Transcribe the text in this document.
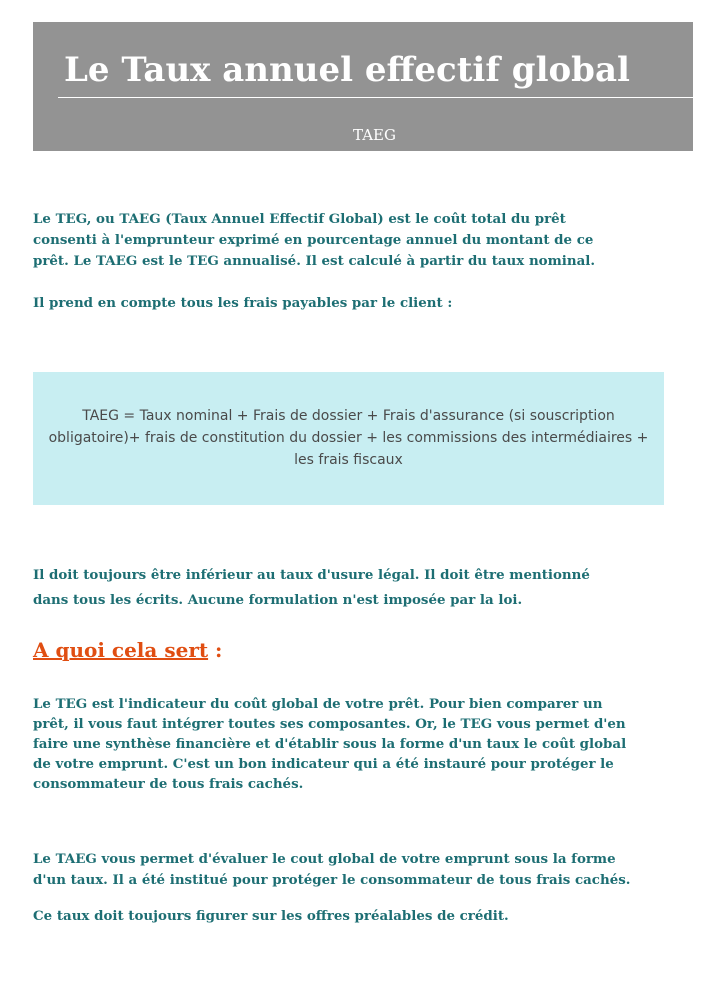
Le Taux annuel effectif global

TAEG

Le TEG, ou TAEG (Taux Annuel Effectif Global) est le coût total du prêt
consenti à l'emprunteur exprimé en pourcentage annuel du montant de ce
prêt. Le TAEG est le TEG annualisé. Il est calculé à partir du taux nominal.

Il prend en compte tous les frais payables par le client :

TAEG = Taux nominal + Frais de dossier + Frais d'assurance (si souscription
obligatoire)+ frais de constitution du dossier + les commissions des intermédiaires +
les frais fiscaux

Il doit toujours être inférieur au taux d'usure légal. Il doit être mentionné
dans tous les écrits. Aucune formulation n'est imposée par la loi.

A quoi cela sert :

Le TEG est l'indicateur du coût global de votre prêt. Pour bien comparer un
prêt, il vous faut intégrer toutes ses composantes. Or, le TEG vous permet d'en
faire une synthèse financière et d'établir sous la forme d'un taux le coût global
de votre emprunt. C'est un bon indicateur qui a été instauré pour protéger le
consommateur de tous frais cachés.

Le TAEG vous permet d'évaluer le cout global de votre emprunt sous la forme
d'un taux. Il a été institué pour protéger le consommateur de tous frais cachés.

Ce taux doit toujours figurer sur les offres préalables de crédit.
